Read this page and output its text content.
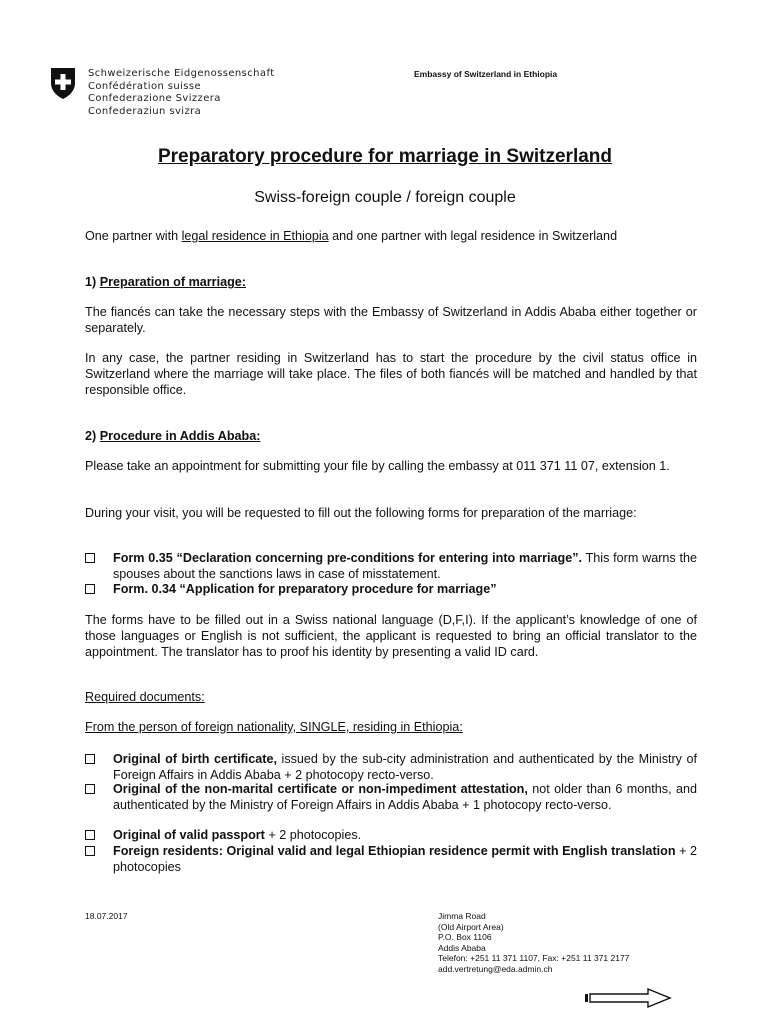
Schweizerische Eidgenossenschaft
Confédération suisse
Confederazione Svizzera
Confederaziun svizra
Embassy of Switzerland in Ethiopia
Preparatory procedure for marriage in Switzerland
Swiss-foreign couple / foreign couple
One partner with legal residence in Ethiopia and one partner with legal residence in Switzerland
1) Preparation of marriage:
The fiancés can take the necessary steps with the Embassy of Switzerland in Addis Ababa either together or separately.
In any case, the partner residing in Switzerland has to start the procedure by the civil status office in Switzerland where the marriage will take place. The files of both fiancés will be matched and handled by that responsible office.
2) Procedure in Addis Ababa:
Please take an appointment for submitting your file by calling the embassy at 011 371 11 07, extension 1.
During your visit, you will be requested to fill out the following forms for preparation of the marriage:
Form 0.35 “Declaration concerning pre-conditions for entering into marriage”. This form warns the spouses about the sanctions laws in case of misstatement.
Form. 0.34 “Application for preparatory procedure for marriage”
The forms have to be filled out in a Swiss national language (D,F,I). If the applicant’s knowledge of one of those languages or English is not sufficient, the applicant is requested to bring an official translator to the appointment. The translator has to proof his identity by presenting a valid ID card.
Required documents:
From the person of foreign nationality, SINGLE, residing in Ethiopia:
Original of birth certificate, issued by the sub-city administration and authenticated by the Ministry of Foreign Affairs in Addis Ababa + 2 photocopy recto-verso.
Original of the non-marital certificate or non-impediment attestation, not older than 6 months, and authenticated by the Ministry of Foreign Affairs in Addis Ababa + 1 photocopy recto-verso.
Original of valid passport + 2 photocopies.
Foreign residents: Original valid and legal Ethiopian residence permit with English translation + 2 photocopies
18.07.2017	Jimma Road
(Old Airport Area)
P.O. Box 1106
Addis Ababa
Telefon: +251 11 371 1107, Fax: +251 11 371 2177
add.vertretung@eda.admin.ch
